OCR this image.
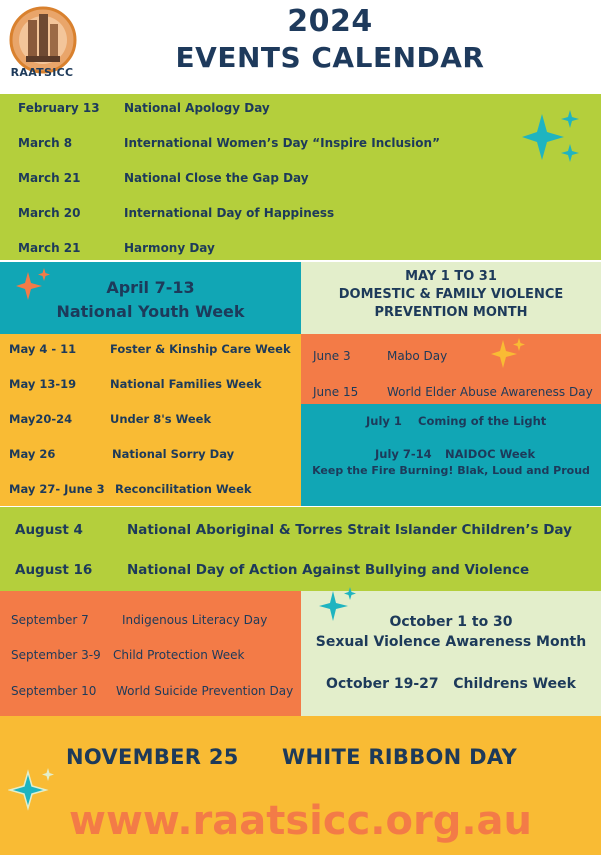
RAATSICC
2024
EVENTS CALENDAR
February 13 National Apology Day
March 8	International Women’s Day “Inspire Inclusion”
March 21	National Close the Gap Day
March 20	International Day of Happiness
March 21	Harmony Day
April 7-13
National Youth Week
MAY 1 TO 31
DOMESTIC & FAMILY VIOLENCE
PREVENTION MONTH
May 4 - 11	Foster & Kinship Care Week
May 13-19	National Families Week
May20-24	Under 8's Week
May 26	National Sorry Day
May 27- June 3 Reconcilitation Week
June 3	Mabo Day
June 15 World Elder Abuse Awareness Day
July 1 Coming of the Light
July 7-14 NAIDOC Week
Keep the Fire Burning! Blak, Loud and Proud
August 4	National Aboriginal & Torres Strait Islander Children’s Day
August 16	National Day of Action Against Bullying and Violence
September 7	Indigenous Literacy Day
September 3-9 Child Protection Week
September 10 World Suicide Prevention Day
October 1 to 30
Sexual Violence Awareness Month
October 19-27   Childrens Week
NOVEMBER 25 WHITE RIBBON DAY
www.raatsicc.org.au
